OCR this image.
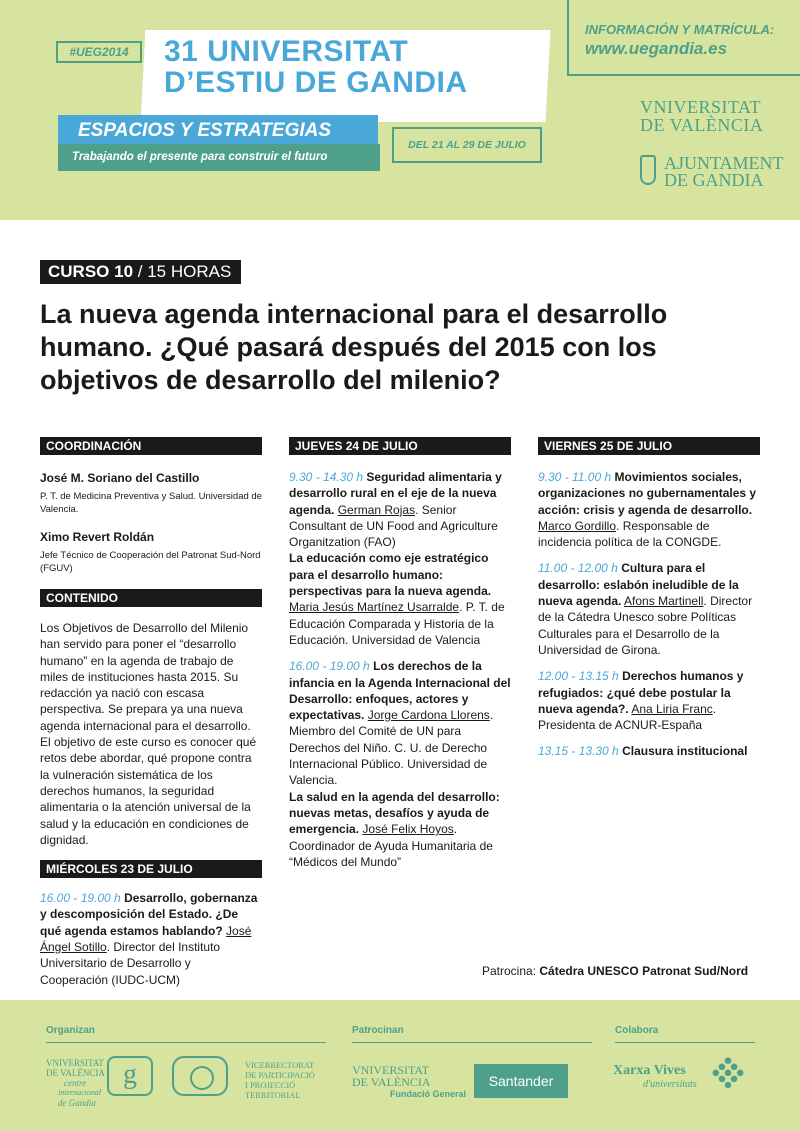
#UEG2014	31 UNIVERSITAT
D’ESTIU DE GANDIA
ESPACIOS Y ESTRATEGIAS
Trabajando el presente para construir el futuro
DEL 21 AL 29 DE JULIO
INFORMACIÓN Y MATRÍCULA:
www.uegandia.es
VNIVERSITAT
DE VALÈNCIA
AJUNTAMENT
DE GANDIA
CURSO 10 / 15 HORAS
La nueva agenda internacional para el desarrollo humano. ¿Qué pasará después del 2015 con los objetivos de desarrollo del milenio?
COORDINACIÓN
José M. Soriano del Castillo
P. T. de Medicina Preventiva y Salud. Universidad de Valencia.
Ximo Revert Roldán
Jefe Técnico de Cooperación del Patronat Sud-Nord (FGUV)
CONTENIDO
Los Objetivos de Desarrollo del Milenio han servido para poner el “desarrollo humano” en la agenda de trabajo de miles de instituciones hasta 2015. Su redacción ya nació con escasa perspectiva. Se prepara ya una nueva agenda internacional para el desarrollo. El objetivo de este curso es conocer qué retos debe abordar, qué propone contra la vulneración sistemática de los derechos humanos, la seguridad alimentaria o la atención universal de la salud y la educación en condiciones de dignidad.
MIÉRCOLES 23 DE JULIO
16.00 - 19.00 h Desarrollo, gobernanza y descomposición del Estado. ¿De qué agenda estamos hablando? José Ángel Sotillo. Director del Instituto Universitario de Desarrollo y Cooperación (IUDC-UCM)
JUEVES 24 DE JULIO
9.30 - 14.30 h Seguridad alimentaria y desarrollo rural en el eje de la nueva agenda. German Rojas. Senior Consultant de UN Food and Agriculture Organitzation (FAO)
La educación como eje estratégico para el desarrollo humano: perspectivas para la nueva agenda. Maria Jesús Martínez Usarralde. P. T. de Educación Comparada y Historia de la Educación. Universidad de Valencia
16.00 - 19.00 h Los derechos de la infancia en la Agenda Internacional del Desarrollo: enfoques, actores y expectativas. Jorge Cardona Llorens. Miembro del Comité de UN para Derechos del Niño. C. U. de Derecho Internacional Público. Universidad de Valencia.
La salud en la agenda del desarrollo: nuevas metas, desafíos y ayuda de emergencia. José Felix Hoyos. Coordinador de Ayuda Humanitaria de “Médicos del Mundo”
VIERNES 25 DE JULIO
9.30 - 11.00 h Movimientos sociales, organizaciones no gubernamentales y acción: crisis y agenda de desarrollo. Marco Gordillo. Responsable de incidencia política de la CONGDE.
11.00 - 12.00 h Cultura para el desarrollo: eslabón ineludible de la nueva agenda. Afons Martinell. Director de la Cátedra Unesco sobre Políticas Culturales para el Desarrollo de la Universidad de Girona.
12.00 - 13.15 h Derechos humanos y refugiados: ¿qué debe postular la nueva agenda?. Ana Liria Franc. Presidenta de ACNUR-España
13.15 - 13.30 h Clausura institucional
Patrocina: Cátedra UNESCO Patronat Sud/Nord
Organizan	Patrocinan	Colabora
VNIVERSITAT
DE VALÈNCIA
centre
internacional
de Gandia
g	VICERRECTORAT
DE PARTICIPACIÓ
I PROJECCIÓ
TERRITORIAL
VNIVERSITAT
DE VALÈNCIA
Fundació General
Santander
Xarxa Vives
d'universitats
